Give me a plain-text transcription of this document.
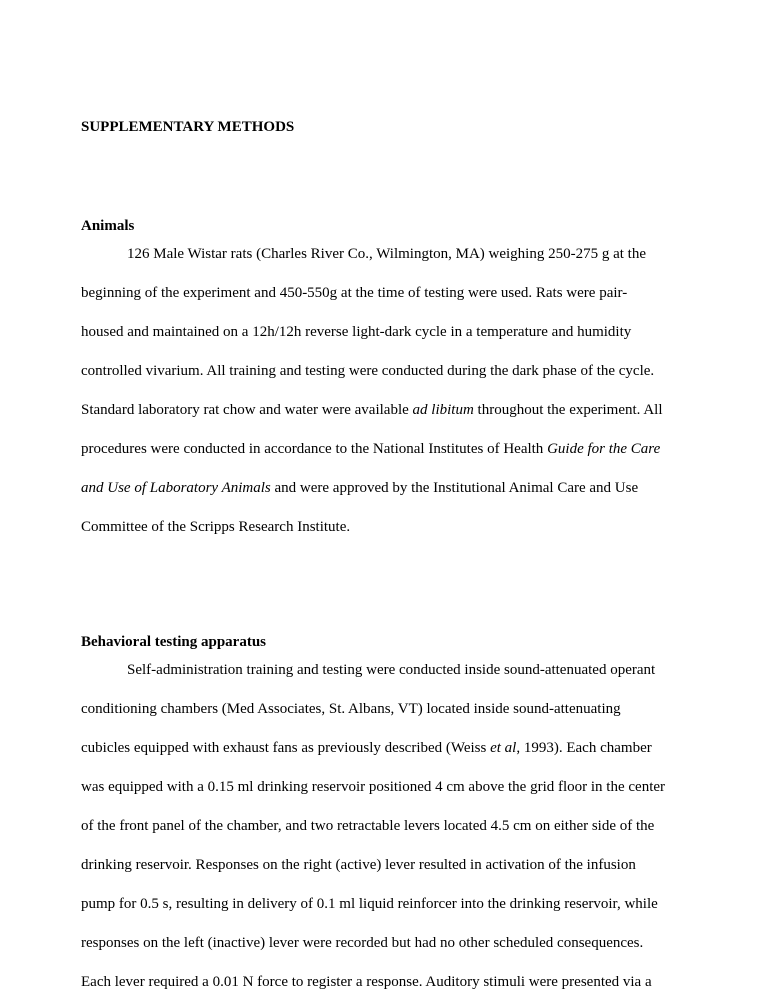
SUPPLEMENTARY METHODS
Animals
126 Male Wistar rats (Charles River Co., Wilmington, MA) weighing 250-275 g at the
beginning of the experiment and 450-550g at the time of testing were used. Rats were pair-
housed and maintained on a 12h/12h reverse light-dark cycle in a temperature and humidity
controlled vivarium. All training and testing were conducted during the dark phase of the cycle.
Standard laboratory rat chow and water were available ad libitum throughout the experiment. All
procedures were conducted in accordance to the National Institutes of Health Guide for the Care
and Use of Laboratory Animals and were approved by the Institutional Animal Care and Use
Committee of the Scripps Research Institute.
Behavioral testing apparatus
Self-administration training and testing were conducted inside sound-attenuated operant
conditioning chambers (Med Associates, St. Albans, VT) located inside sound-attenuating
cubicles equipped with exhaust fans as previously described (Weiss et al, 1993). Each chamber
was equipped with a 0.15 ml drinking reservoir positioned 4 cm above the grid floor in the center
of the front panel of the chamber, and two retractable levers located 4.5 cm on either side of the
drinking reservoir. Responses on the right (active) lever resulted in activation of the infusion
pump for 0.5 s, resulting in delivery of 0.1 ml liquid reinforcer into the drinking reservoir, while
responses on the left (inactive) lever were recorded but had no other scheduled consequences.
Each lever required a 0.01 N force to register a response. Auditory stimuli were presented via a
